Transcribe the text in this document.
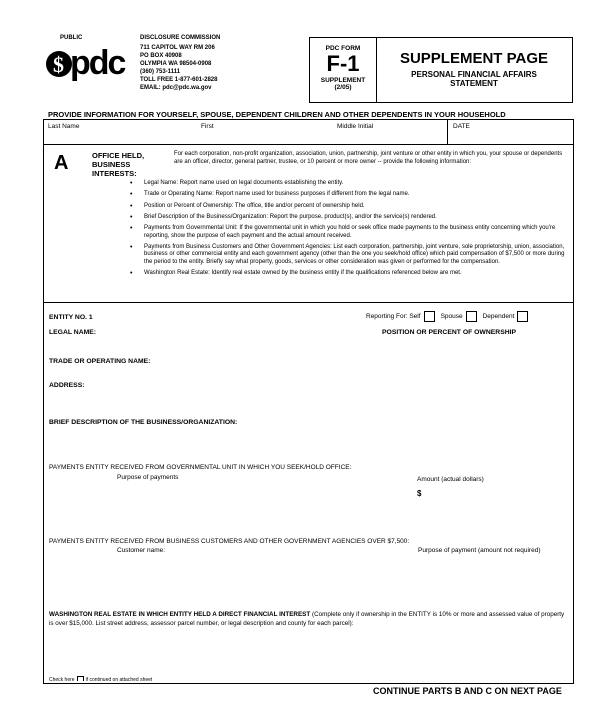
$ pdc
PUBLIC	DISCLOSURE COMMISSION
711 CAPITOL WAY RM 206
PO BOX 40908
OLYMPIA WA 98504-0908
(360) 753-1111
TOLL FREE 1-877-601-2828
EMAIL: pdc@pdc.wa.gov
PDC FORM
F-1
SUPPLEMENT
(2/05)
SUPPLEMENT PAGE
PERSONAL FINANCIAL AFFAIRS
STATEMENT
PROVIDE INFORMATION FOR YOURSELF, SPOUSE, DEPENDENT CHILDREN AND OTHER DEPENDENTS IN YOUR HOUSEHOLD
Last Name	First	Middle Initial	DATE
A	OFFICE HELD,
BUSINESS
INTERESTS:
For each corporation, non-profit organization, association, union, partnership, joint venture or other entity in which you, your spouse or dependents are an officer, director, general partner, trustee, or 10 percent or more owner -- provide the following information:
• Legal Name: Report name used on legal documents establishing the entity.
• Trade or Operating Name: Report name used for business purposes if different from the legal name.
• Position or Percent of Ownership: The office, title and/or percent of ownership held.
• Brief Description of the Business/Organization: Report the purpose, product(s), and/or the service(s) rendered.
• Payments from Governmental Unit: If the governmental unit in which you hold or seek office made payments to the business entity concerning which you're reporting, show the purpose of each payment and the actual amount received.
• Payments from Business Customers and Other Government Agencies: List each corporation, partnership, joint venture, sole proprietorship, union, association, business or other commercial entity and each government agency (other than the one you seek/hold office) which paid compensation of $7,500 or more during the period to the entity. Briefly say what property, goods, services or other consideration was given or performed for the compensation.
• Washington Real Estate: Identify real estate owned by the business entity if the qualifications referenced below are met.
ENTITY NO. 1	Reporting For: Self	Spouse	Dependent
LEGAL NAME:	POSITION OR PERCENT OF OWNERSHIP
TRADE OR OPERATING NAME:
ADDRESS:
BRIEF DESCRIPTION OF THE BUSINESS/ORGANIZATION:
PAYMENTS ENTITY RECEIVED FROM GOVERNMENTAL UNIT IN WHICH YOU SEEK/HOLD OFFICE:
Purpose of payments	Amount (actual dollars)
$
PAYMENTS ENTITY RECEIVED FROM BUSINESS CUSTOMERS AND OTHER GOVERNMENT AGENCIES OVER $7,500:
Customer name:	Purpose of payment (amount not required)
WASHINGTON REAL ESTATE IN WHICH ENTITY HELD A DIRECT FINANCIAL INTEREST (Complete only if ownership in the ENTITY is 10% or more and assessed value of property is over $15,000. List street address, assessor parcel number, or legal description and county for each parcel):
Check here if continued on attached sheet
CONTINUE PARTS B AND C ON NEXT PAGE
